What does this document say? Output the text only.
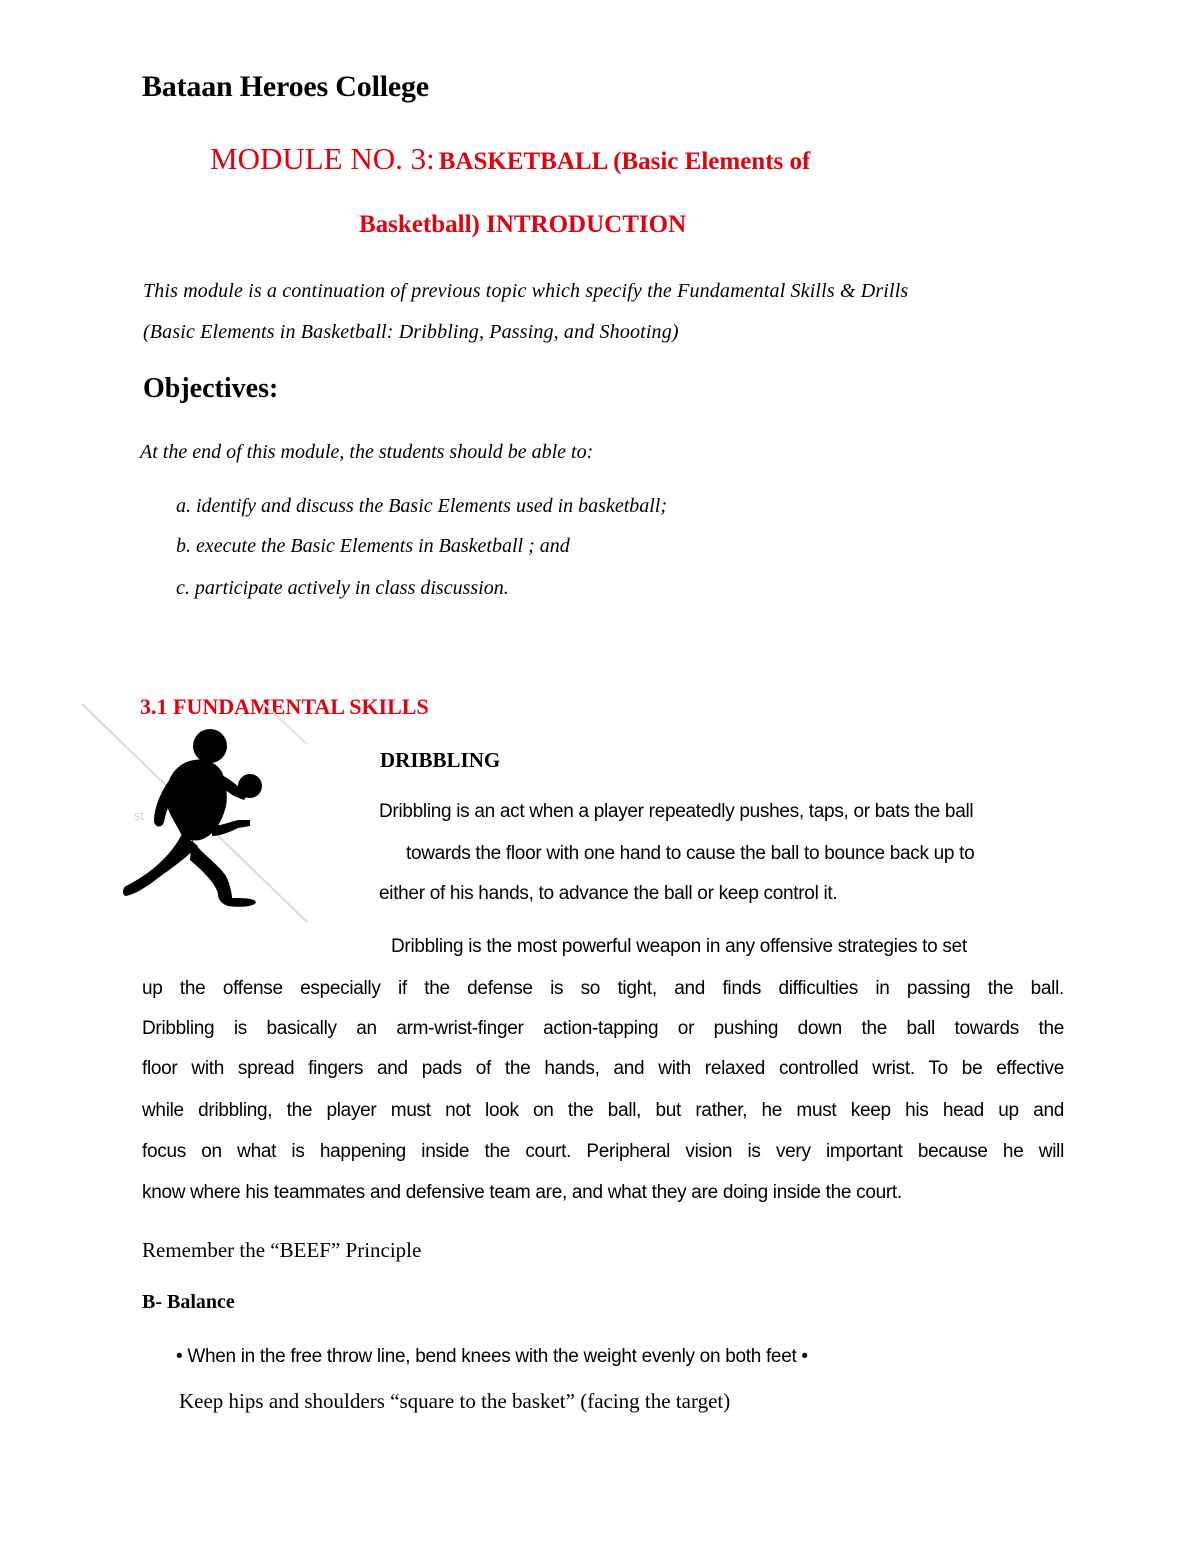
Bataan Heroes College
MODULE NO. 3: BASKETBALL (Basic Elements of
Basketball) INTRODUCTION
This module is a continuation of previous topic which specify the Fundamental Skills & Drills
(Basic Elements in Basketball: Dribbling, Passing, and Shooting)
Objectives:
At the end of this module, the students should be able to:
a. identify and discuss the Basic Elements used in basketball;
b. execute the Basic Elements in Basketball ; and
c. participate actively in class discussion.
3.1 FUNDAMENTAL SKILLS
st
DRIBBLING
Dribbling is an act when a player repeatedly pushes, taps, or bats the ball
towards the floor with one hand to cause the ball to bounce back up to
either of his hands, to advance the ball or keep control it.
Dribbling is the most powerful weapon in any offensive strategies to set
up the offense especially if the defense is so tight, and finds difficulties in passing the ball.
Dribbling is basically an arm-wrist-finger action-tapping or pushing down the ball towards the
floor with spread fingers and pads of the hands, and with relaxed controlled wrist. To be effective
while dribbling, the player must not look on the ball, but rather, he must keep his head up and
focus on what is happening inside the court. Peripheral vision is very important because he will
know where his teammates and defensive team are, and what they are doing inside the court.
Remember the “BEEF” Principle
B- Balance
• When in the free throw line, bend knees with the weight evenly on both feet •
Keep hips and shoulders “square to the basket” (facing the target)
